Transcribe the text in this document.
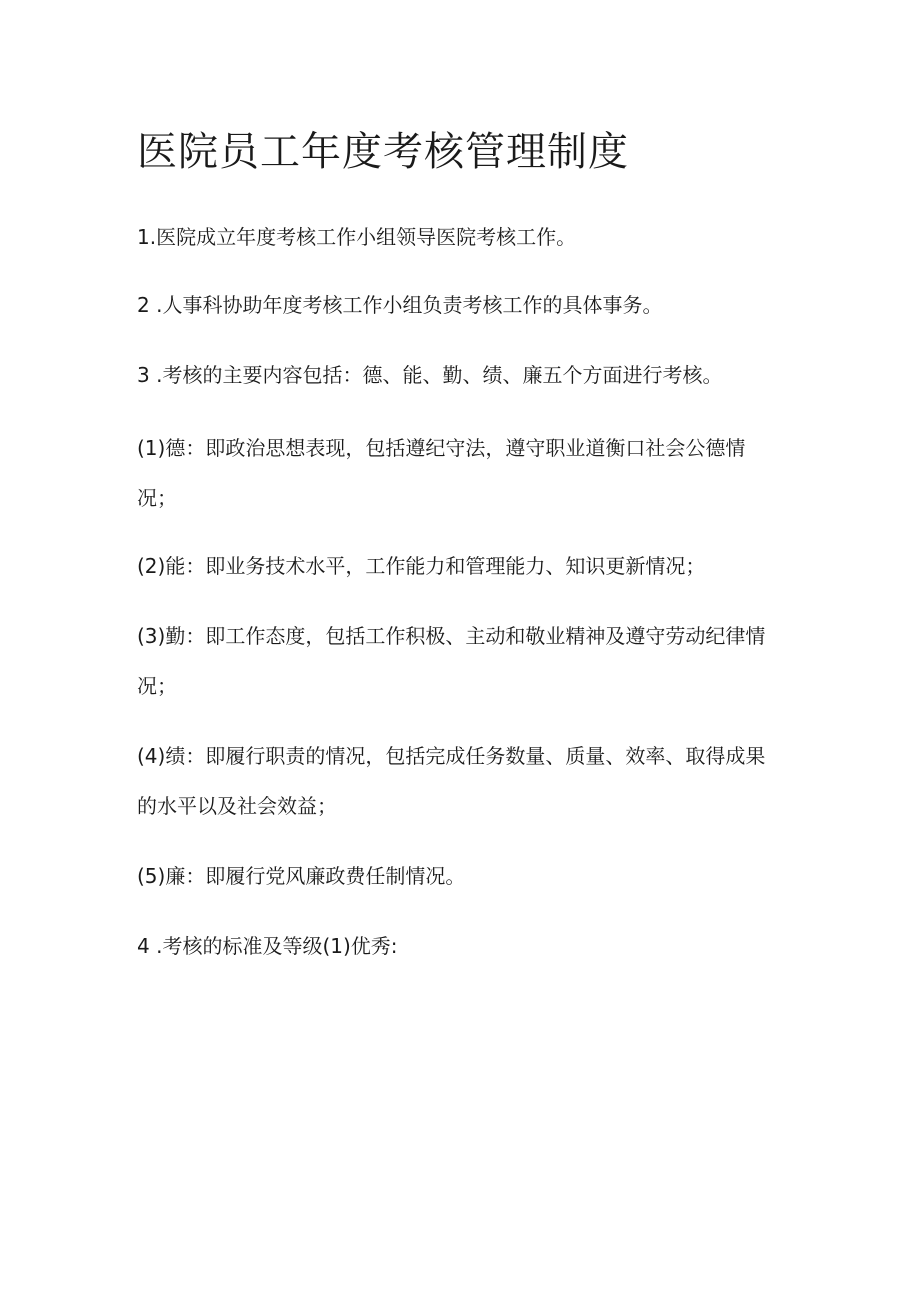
医院员工年度考核管理制度

1.医院成立年度考核工作小组领导医院考核工作。

2 .人事科协助年度考核工作小组负责考核工作的具体事务。

3 .考核的主要内容包括：德、能、勤、绩、廉五个方面进行考核。

(1)德：即政治思想表现，包括遵纪守法，遵守职业道衡口社会公德情

况；

(2)能：即业务技术水平，工作能力和管理能力、知识更新情况；

(3)勤：即工作态度，包括工作积极、主动和敬业精神及遵守劳动纪律情

况；

(4)绩：即履行职责的情况，包括完成任务数量、质量、效率、取得成果

的水平以及社会效益；

(5)廉：即履行党风廉政费任制情况。

4 .考核的标准及等级(1)优秀:
